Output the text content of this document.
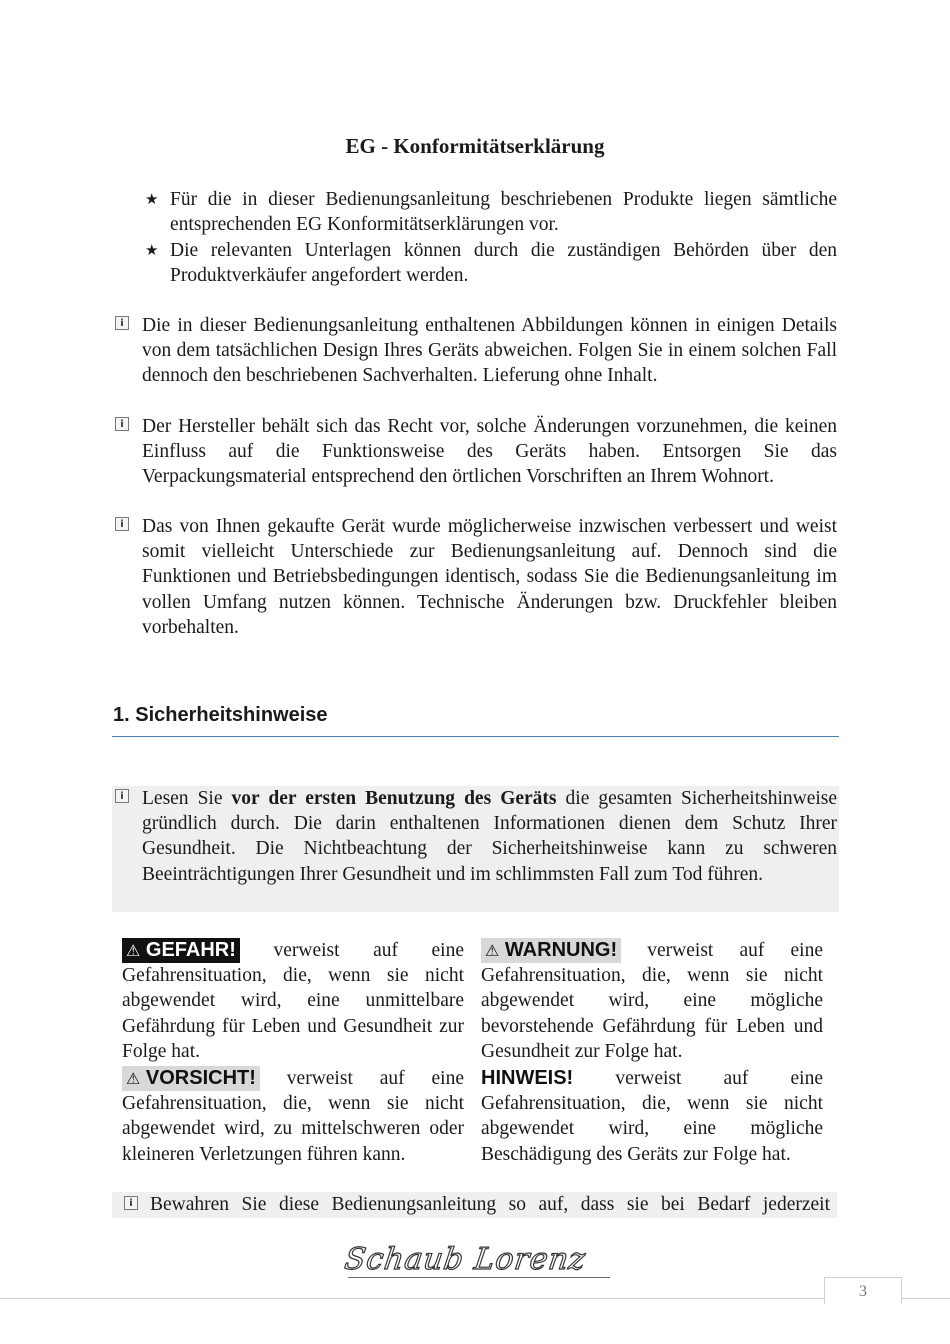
EG - Konformitätserklärung
★ Für die in dieser Bedienungsanleitung beschriebenen Produkte liegen sämtliche entsprechenden EG Konformitätserklärungen vor.
★ Die relevanten Unterlagen können durch die zuständigen Behörden über den Produktverkäufer angefordert werden.
i Die in dieser Bedienungsanleitung enthaltenen Abbildungen können in einigen Details von dem tatsächlichen Design Ihres Geräts abweichen. Folgen Sie in einem solchen Fall dennoch den beschriebenen Sachverhalten. Lieferung ohne Inhalt.
i Der Hersteller behält sich das Recht vor, solche Änderungen vorzunehmen, die keinen Einfluss auf die Funktionsweise des Geräts haben. Entsorgen Sie das Verpackungsmaterial entsprechend den örtlichen Vorschriften an Ihrem Wohnort.
i Das von Ihnen gekaufte Gerät wurde möglicherweise inzwischen verbessert und weist somit vielleicht Unterschiede zur Bedienungsanleitung auf. Dennoch sind die Funktionen und Betriebsbedingungen identisch, sodass Sie die Bedienungsanleitung im vollen Umfang nutzen können. Technische Änderungen bzw. Druckfehler bleiben vorbehalten.
1. Sicherheitshinweise
i Lesen Sie vor der ersten Benutzung des Geräts die gesamten Sicherheitshinweise gründlich durch. Die darin enthaltenen Informationen dienen dem Schutz Ihrer Gesundheit. Die Nichtbeachtung der Sicherheitshinweise kann zu schweren Beeinträchtigungen Ihrer Gesundheit und im schlimmsten Fall zum Tod führen.
⚠ GEFAHR! verweist auf eine Gefahrensituation, die, wenn sie nicht abgewendet wird, eine unmittelbare Gefährdung für Leben und Gesundheit zur Folge hat.
⚠ VORSICHT! verweist auf eine Gefahrensituation, die, wenn sie nicht abgewendet wird, zu mittelschweren oder kleineren Verletzungen führen kann.
⚠ WARNUNG! verweist auf eine Gefahrensituation, die, wenn sie nicht abgewendet wird, eine mögliche bevorstehende Gefährdung für Leben und Gesundheit zur Folge hat.
HINWEIS! verweist auf eine Gefahrensituation, die, wenn sie nicht abgewendet wird, eine mögliche Beschädigung des Geräts zur Folge hat.
i Bewahren Sie diese Bedienungsanleitung so auf, dass sie bei Bedarf jederzeit
Schaub Lorenz
3
